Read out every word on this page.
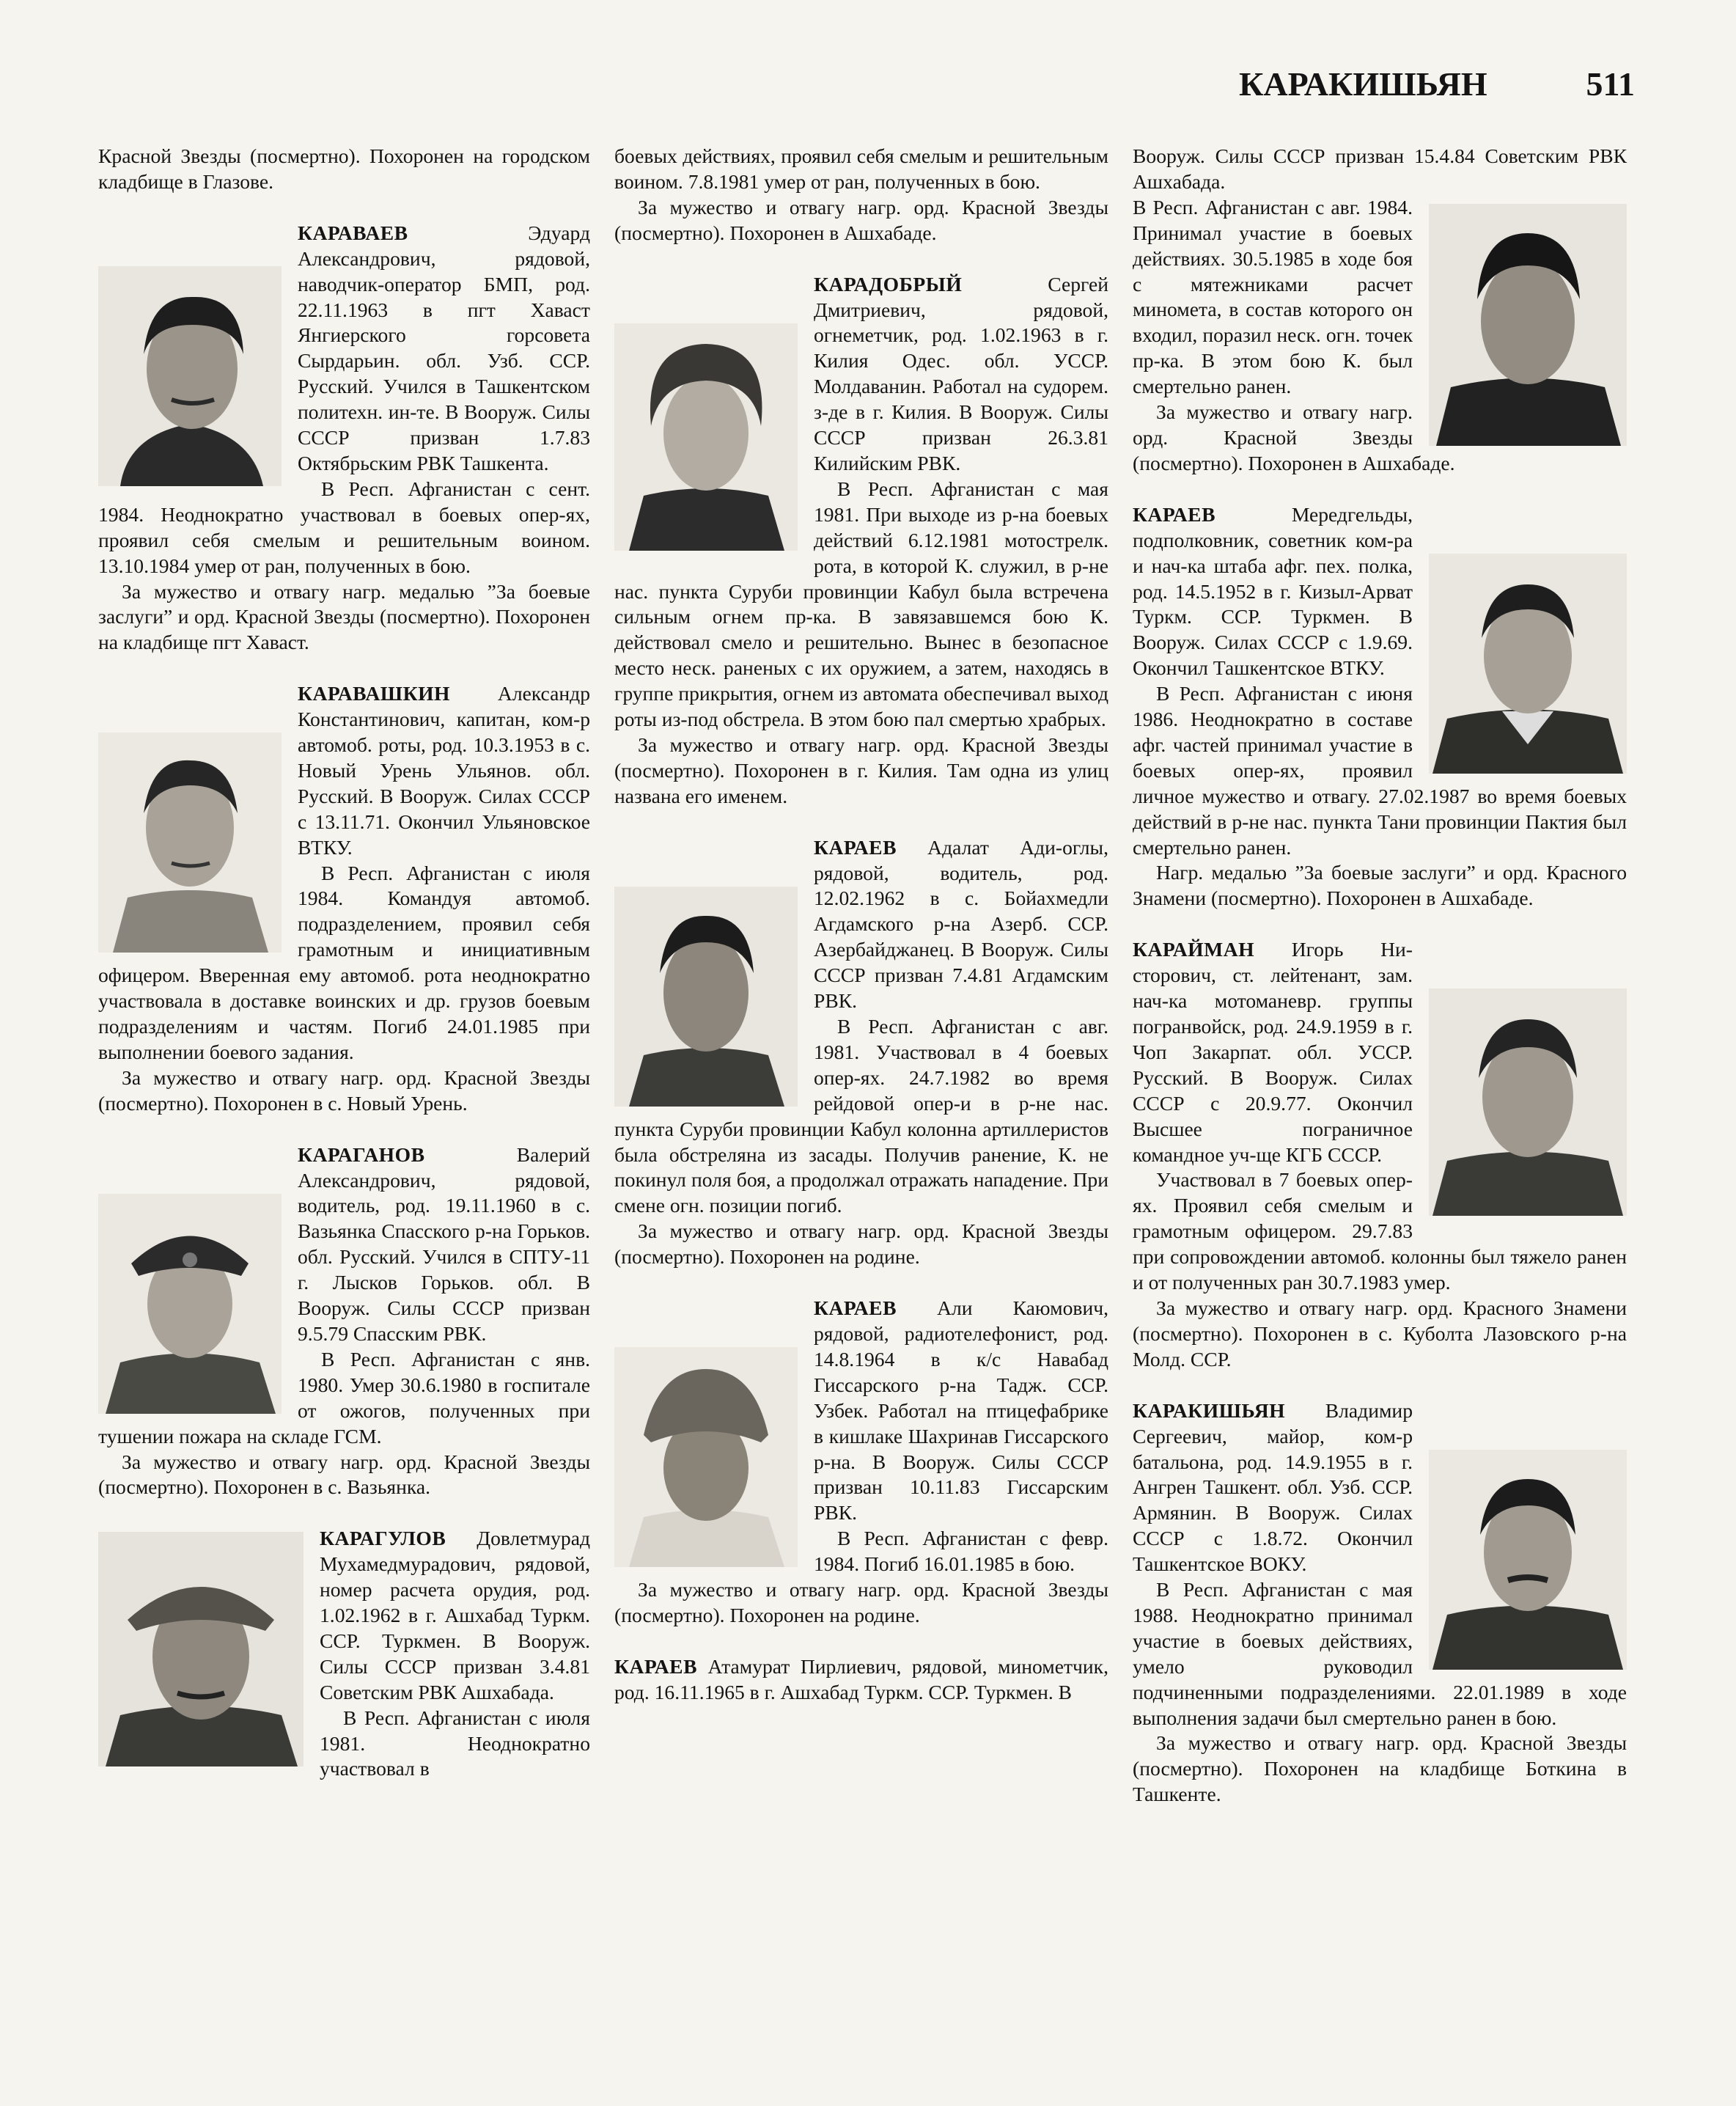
КАРАКИШЬЯН	511

Красной Звезды (посмертно). Похоронен на городском кладбище в Глазове.

КАРАВАЕВ Эдуард Александрович, рядовой, наводчик-оператор БМП, род. 22.11.1963 в пгт Хаваст Янгиерского горсовета Сырдарьин. обл. Узб. ССР. Русский. Учился в Ташкентском политехн. ин-те. В Вооруж. Силы СССР призван 1.7.83 Октябрьским РВК Ташкента.

В Респ. Афганистан с сент. 1984. Неоднократно участвовал в боевых опер-ях, проявил себя смелым и решительным воином. 13.10.1984 умер от ран, полученных в бою.

За мужество и отвагу нагр. медалью ”За боевые заслуги” и орд. Красной Звезды (посмертно). Похоронен на кладбище пгт Хаваст.

КАРАВАШКИН Александр Константинович, капитан, ком-р автомоб. роты, род. 10.3.1953 в с. Новый Урень Ульянов. обл. Русский. В Вооруж. Силах СССР с 13.11.71. Окончил Ульяновское ВТКУ.

В Респ. Афганистан с июля 1984. Командуя автомоб. подразделением, проявил себя грамотным и инициативным офицером. Вверенная ему автомоб. рота неоднократно участвовала в доставке воинских и др. грузов боевым подразделениям и частям. Погиб 24.01.1985 при выполнении боевого задания.

За мужество и отвагу нагр. орд. Красной Звезды (посмертно). Похоронен в с. Новый Урень.

КАРАГАНОВ Валерий Александрович, рядовой, водитель, род. 19.11.1960 в с. Вазьянка Спасского р-на Горьков. обл. Русский. Учился в СПТУ-11 г. Лысков Горьков. обл. В Вооруж. Силы СССР призван 9.5.79 Спасским РВК.

В Респ. Афганистан с янв. 1980. Умер 30.6.1980 в госпитале от ожогов, полученных при тушении пожара на складе ГСМ.

За мужество и отвагу нагр. орд. Красной Звезды (посмертно). Похоронен в с. Вазьянка.

КАРАГУЛОВ Довлетмурад Мухамедмурадович, рядовой, номер расчета орудия, род. 1.02.1962 в г. Ашхабад Туркм. ССР. Туркмен. В Вооруж. Силы СССР призван 3.4.81 Советским РВК Ашхабада.

В Респ. Афганистан с июля 1981. Неоднократно участвовал в

боевых действиях, проявил себя смелым и решительным воином. 7.8.1981 умер от ран, полученных в бою.

За мужество и отвагу нагр. орд. Красной Звезды (посмертно). Похоронен в Ашхабаде.

КАРАДОБРЫЙ Сергей Дмитриевич, рядовой, огнеметчик, род. 1.02.1963 в г. Килия Одес. обл. УССР. Молдаванин. Работал на судорем. з-де в г. Килия. В Вооруж. Силы СССР призван 26.3.81 Килийским РВК.

В Респ. Афганистан с мая 1981. При выходе из р-на боевых действий 6.12.1981 мотострелк. рота, в которой К. служил, в р-не нас. пункта Суруби провинции Кабул была встречена сильным огнем пр-ка. В завязавшемся бою К. действовал смело и решительно. Вынес в безопасное место неск. раненых с их оружием, а затем, находясь в группе прикрытия, огнем из автомата обеспечивал выход роты из-под обстрела. В этом бою пал смертью храбрых.

За мужество и отвагу нагр. орд. Красной Звезды (посмертно). Похоронен в г. Килия. Там одна из улиц названа его именем.

КАРАЕВ Адалат Ади-оглы, рядовой, водитель, род. 12.02.1962 в с. Бойахмедли Агдамского р-на Азерб. ССР. Азербайджанец. В Вооруж. Силы СССР призван 7.4.81 Агдамским РВК.

В Респ. Афганистан с авг. 1981. Участвовал в 4 боевых опер-ях. 24.7.1982 во время рейдовой опер-и в р-не нас. пункта Суруби провинции Кабул колонна артиллеристов была обстреляна из засады. Получив ранение, К. не покинул поля боя, а продолжал отражать нападение. При смене огн. позиции погиб.

За мужество и отвагу нагр. орд. Красной Звезды (посмертно). Похоронен на родине.

КАРАЕВ Али Каюмович, рядовой, радиотелефонист, род. 14.8.1964 в к/с Навабад Гиссарского р-на Тадж. ССР. Узбек. Работал на птицефабрике в кишлаке Шахринав Гиссарского р-на. В Вооруж. Силы СССР призван 10.11.83 Гиссарским РВК.

В Респ. Афганистан с февр. 1984. Погиб 16.01.1985 в бою.

За мужество и отвагу нагр. орд. Красной Звезды (посмертно). Похоронен на родине.

КАРАЕВ Атамурат Пирлиевич, рядовой, минометчик, род. 16.11.1965 в г. Ашхабад Туркм. ССР. Туркмен. В

Вооруж. Силы СССР призван 15.4.84 Советским РВК Ашхабада.

В Респ. Афганистан с авг. 1984. Принимал участие в боевых действиях. 30.5.1985 в ходе боя с мятежниками расчет миномета, в состав которого он входил, поразил неск. огн. точек пр-ка. В этом бою К. был смертельно ранен.

За мужество и отвагу нагр. орд. Красной Звезды (посмертно). Похоронен в Ашхабаде.

КАРАЕВ Мередгельды, подполковник, советник ком-ра и нач-ка штаба афг. пех. полка, род. 14.5.1952 в г. Кизыл-Арват Туркм. ССР. Туркмен. В Вооруж. Силах СССР с 1.9.69. Окончил Ташкентское ВТКУ.

В Респ. Афганистан с июня 1986. Неоднократно в составе афг. частей принимал участие в боевых опер-ях, проявил личное мужество и отвагу. 27.02.1987 во время боевых действий в р-не нас. пункта Тани провинции Пактия был смертельно ранен.

Нагр. медалью ”За боевые заслуги” и орд. Красного Знамени (посмертно). Похоронен в Ашхабаде.

КАРАЙМАН Игорь Нисторович, ст. лейтенант, зам. нач-ка мотоманевр. группы погранвойск, род. 24.9.1959 в г. Чоп Закарпат. обл. УССР. Русский. В Вооруж. Силах СССР с 20.9.77. Окончил Высшее пограничное командное уч-ще КГБ СССР.

Участвовал в 7 боевых опер-ях. Проявил себя смелым и грамотным офицером. 29.7.83 при сопровождении автомоб. колонны был тяжело ранен и от полученных ран 30.7.1983 умер.

За мужество и отвагу нагр. орд. Красного Знамени (посмертно). Похоронен в с. Куболта Лазовского р-на Молд. ССР.

КАРАКИШЬЯН Владимир Сергеевич, майор, ком-р батальона, род. 14.9.1955 в г. Ангрен Ташкент. обл. Узб. ССР. Армянин. В Вооруж. Силах СССР с 1.8.72. Окончил Ташкентское ВОКУ.

В Респ. Афганистан с мая 1988. Неоднократно принимал участие в боевых действиях, умело руководил подчиненными подразделениями. 22.01.1989 в ходе выполнения задачи был смертельно ранен в бою.

За мужество и отвагу нагр. орд. Красной Звезды (посмертно). Похоронен на кладбище Боткина в Ташкенте.
